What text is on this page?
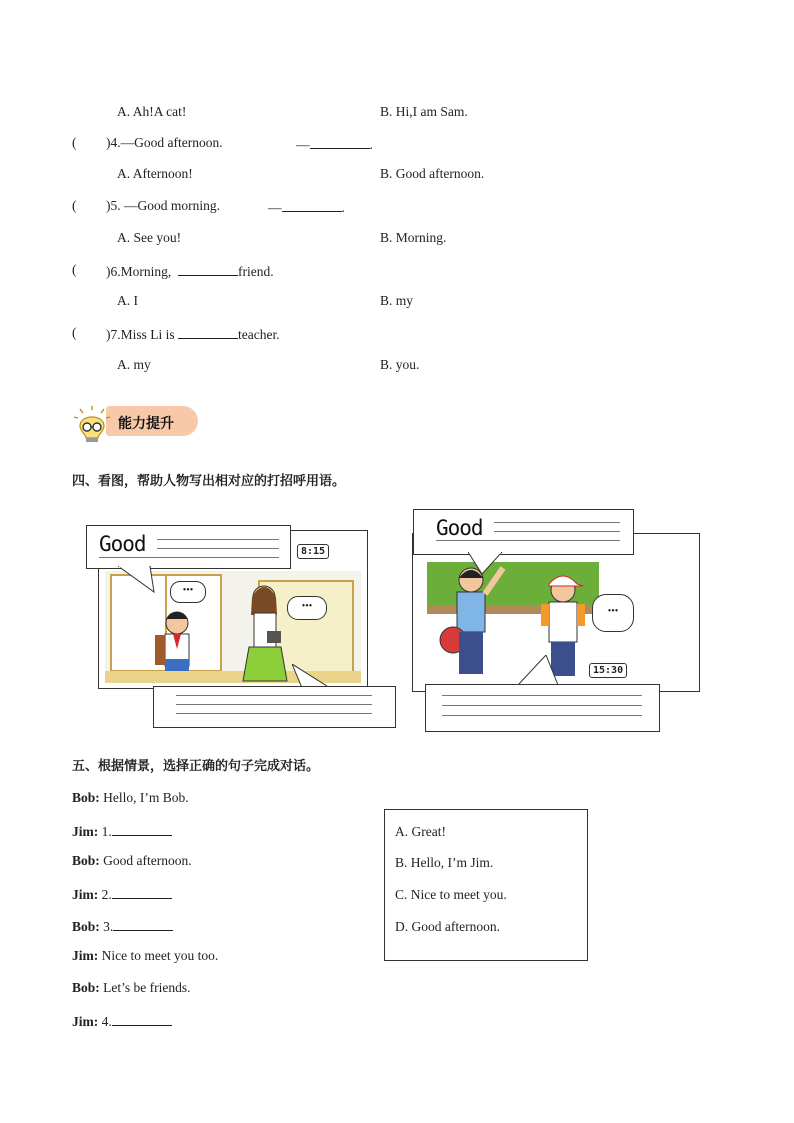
A. Ah!A cat!	B. Hi,I am Sam.
( )4.—Good afternoon.	—	.
A. Afternoon!	B. Good afternoon.
( )5. —Good morning.	—	.
A. See you!	B. Morning.
( )6.Morning,	friend.
A. I	B. my
( )7.Miss Li is	teacher.
A. my	B. you.
能力提升
四、看图，帮助人物写出相对应的打招呼用语。
8:15
Good
•••
•••
15:30
Good
•••
五、根据情景，选择正确的句子完成对话。
Bob: Hello, I’m Bob.
Jim: 1.
Bob: Good afternoon.
Jim: 2.
Bob: 3.
Jim: Nice to meet you too.
Bob: Let’s be friends.
Jim: 4.
A. Great!
B. Hello, I’m Jim.
C. Nice to meet you.
D. Good afternoon.
